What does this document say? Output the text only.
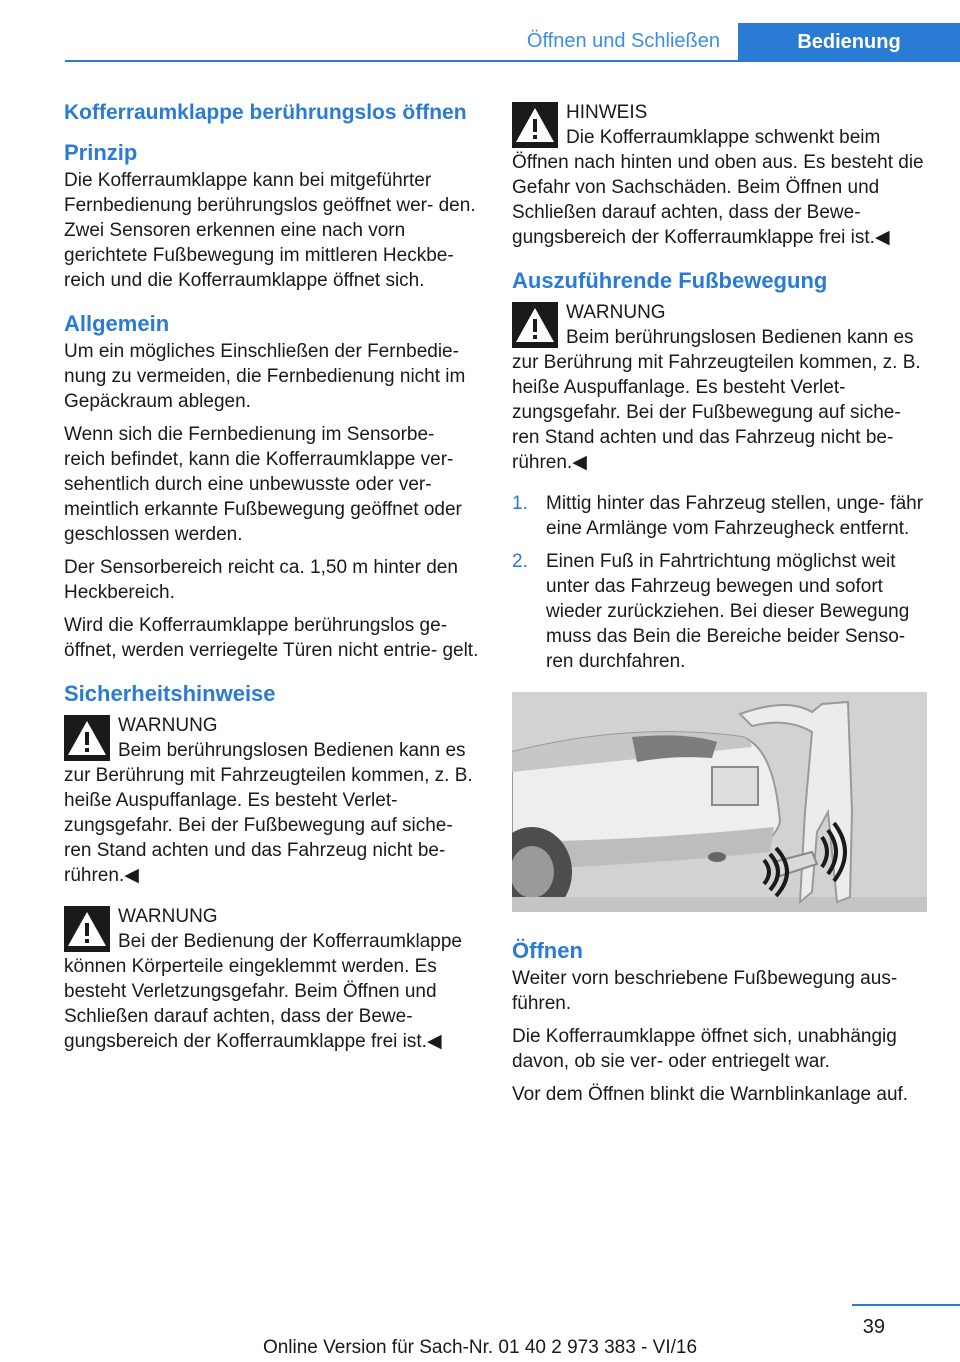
Öffnen und Schließen	Bedienung
Kofferraumklappe berührungslos öffnen
Prinzip

Die Kofferraumklappe kann bei mitgeführter Fernbedienung berührungslos geöffnet wer‐ den. Zwei Sensoren erkennen eine nach vorn gerichtete Fußbewegung im mittleren Heckbe‐ reich und die Kofferraumklappe öffnet sich.

Allgemein

Um ein mögliches Einschließen der Fernbedie‐ nung zu vermeiden, die Fernbedienung nicht im Gepäckraum ablegen.

Wenn sich die Fernbedienung im Sensorbe‐ reich befindet, kann die Kofferraumklappe ver‐ sehentlich durch eine unbewusste oder ver‐ meintlich erkannte Fußbewegung geöffnet oder geschlossen werden.

Der Sensorbereich reicht ca. 1,50 m hinter den Heckbereich.

Wird die Kofferraumklappe berührungslos ge‐ öffnet, werden verriegelte Türen nicht entrie‐ gelt.

Sicherheitshinweise
WARNUNG
Beim berührungslosen Bedienen kann es zur Berührung mit Fahrzeugteilen kommen, z. B. heiße Auspuffanlage. Es besteht Verlet‐ zungsgefahr. Bei der Fußbewegung auf siche‐ ren Stand achten und das Fahrzeug nicht be‐ rühren.◀
WARNUNG
Bei der Bedienung der Kofferraumklappe können Körperteile eingeklemmt werden. Es besteht Verletzungsgefahr. Beim Öffnen und Schließen darauf achten, dass der Bewe‐ gungsbereich der Kofferraumklappe frei ist.◀
HINWEIS
Die Kofferraumklappe schwenkt beim Öffnen nach hinten und oben aus. Es besteht die Gefahr von Sachschäden. Beim Öffnen und Schließen darauf achten, dass der Bewe‐ gungsbereich der Kofferraumklappe frei ist.◀
Auszuführende Fußbewegung
WARNUNG
Beim berührungslosen Bedienen kann es zur Berührung mit Fahrzeugteilen kommen, z. B. heiße Auspuffanlage. Es besteht Verlet‐ zungsgefahr. Bei der Fußbewegung auf siche‐ ren Stand achten und das Fahrzeug nicht be‐ rühren.◀
1. Mittig hinter das Fahrzeug stellen, unge‐ fähr eine Armlänge vom Fahrzeugheck entfernt.
2. Einen Fuß in Fahrtrichtung möglichst weit unter das Fahrzeug bewegen und sofort wieder zurückziehen. Bei dieser Bewegung muss das Bein die Bereiche beider Senso‐ ren durchfahren.
Öffnen

Weiter vorn beschriebene Fußbewegung aus‐ führen.

Die Kofferraumklappe öffnet sich, unabhängig davon, ob sie ver- oder entriegelt war.

Vor dem Öffnen blinkt die Warnblinkanlage auf.

39
Online Version für Sach-Nr. 01 40 2 973 383 - VI/16
